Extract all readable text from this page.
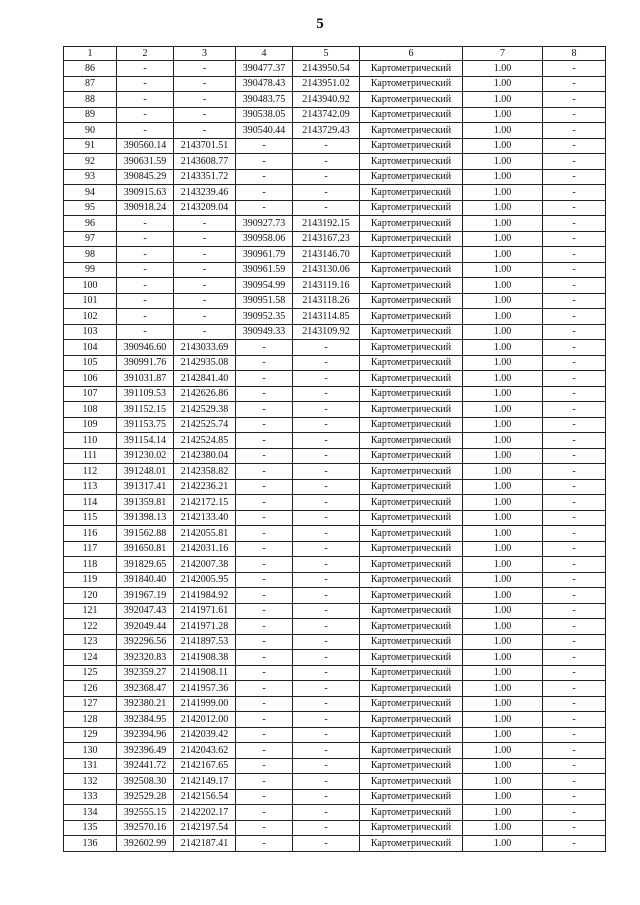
5
1	2	3	4	5	6	7	8
86	-	-	390477.37	2143950.54	Картометрический	1.00	-
87	-	-	390478.43	2143951.02	Картометрический	1.00	-
88	-	-	390483.75	2143940.92	Картометрический	1.00	-
89	-	-	390538.05	2143742.09	Картометрический	1.00	-
90	-	-	390540.44	2143729.43	Картометрический	1.00	-
91	390560.14	2143701.51	-	-	Картометрический	1.00	-
92	390631.59	2143608.77	-	-	Картометрический	1.00	-
93	390845.29	2143351.72	-	-	Картометрический	1.00	-
94	390915.63	2143239.46	-	-	Картометрический	1.00	-
95	390918.24	2143209.04	-	-	Картометрический	1.00	-
96	-	-	390927.73	2143192.15	Картометрический	1.00	-
97	-	-	390958.06	2143167.23	Картометрический	1.00	-
98	-	-	390961.79	2143146.70	Картометрический	1.00	-
99	-	-	390961.59	2143130.06	Картометрический	1.00	-
100	-	-	390954.99	2143119.16	Картометрический	1.00	-
101	-	-	390951.58	2143118.26	Картометрический	1.00	-
102	-	-	390952.35	2143114.85	Картометрический	1.00	-
103	-	-	390949.33	2143109.92	Картометрический	1.00	-
104	390946.60	2143033.69	-	-	Картометрический	1.00	-
105	390991.76	2142935.08	-	-	Картометрический	1.00	-
106	391031.87	2142841.40	-	-	Картометрический	1.00	-
107	391109.53	2142626.86	-	-	Картометрический	1.00	-
108	391152.15	2142529.38	-	-	Картометрический	1.00	-
109	391153.75	2142525.74	-	-	Картометрический	1.00	-
110	391154.14	2142524.85	-	-	Картометрический	1.00	-
111	391230.02	2142380.04	-	-	Картометрический	1.00	-
112	391248.01	2142358.82	-	-	Картометрический	1.00	-
113	391317.41	2142236.21	-	-	Картометрический	1.00	-
114	391359.81	2142172.15	-	-	Картометрический	1.00	-
115	391398.13	2142133.40	-	-	Картометрический	1.00	-
116	391562.88	2142055.81	-	-	Картометрический	1.00	-
117	391650.81	2142031.16	-	-	Картометрический	1.00	-
118	391829.65	2142007.38	-	-	Картометрический	1.00	-
119	391840.40	2142005.95	-	-	Картометрический	1.00	-
120	391967.19	2141984.92	-	-	Картометрический	1.00	-
121	392047.43	2141971.61	-	-	Картометрический	1.00	-
122	392049.44	2141971.28	-	-	Картометрический	1.00	-
123	392296.56	2141897.53	-	-	Картометрический	1.00	-
124	392320.83	2141908.38	-	-	Картометрический	1.00	-
125	392359.27	2141908.11	-	-	Картометрический	1.00	-
126	392368.47	2141957.36	-	-	Картометрический	1.00	-
127	392380.21	2141999.00	-	-	Картометрический	1.00	-
128	392384.95	2142012.00	-	-	Картометрический	1.00	-
129	392394.96	2142039.42	-	-	Картометрический	1.00	-
130	392396.49	2142043.62	-	-	Картометрический	1.00	-
131	392441.72	2142167.65	-	-	Картометрический	1.00	-
132	392508.30	2142149.17	-	-	Картометрический	1.00	-
133	392529.28	2142156.54	-	-	Картометрический	1.00	-
134	392555.15	2142202.17	-	-	Картометрический	1.00	-
135	392570.16	2142197.54	-	-	Картометрический	1.00	-
136	392602.99	2142187.41	-	-	Картометрический	1.00	-
